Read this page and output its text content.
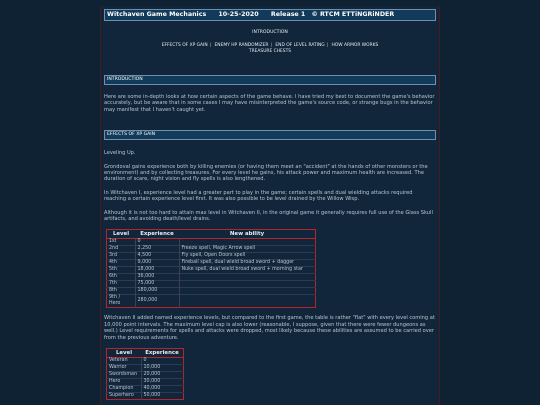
Witchaven Game Mechanics 10-25-2020 Release 1 © RTCM ETTiNGRiNDER
INTRODUCTION
EFFECTS OF XP GAIN | ENEMY HP RANDOMIZER | END OF LEVEL RATING | HOW ARMOR WORKS
TREASURE CHESTS
INTRODUCTION

Here are some in-depth looks at how certain aspects of the game behave. I have tried my best to document the game's behavior accurately, but be aware that in some cases I may have misinterpreted the game's source code, or strange bugs in the behavior may manifest that I haven't caught yet.

EFFECTS OF XP GAIN

Leveling Up.

Grondoval gains experience both by killing enemies (or having them meet an "accident" at the hands of other monsters or the environment) and by collecting treasures. For every level he gains, his attack power and maximum health are increased. The duration of scare, night vision and fly spells is also lengthened.

In Witchaven I, experience level had a greater part to play in the game; certain spells and dual wielding attacks required reaching a certain experience level first. It was also possible to be level drained by the Willow Wisp.

Although it is not too hard to attain max level in Witchaven II, in the original game it generally requires full use of the Glass Skull artifacts, and avoiding death/level drains.

Level	Experience	New ability
1st	0	
2nd	2,250	Freeze spell, Magic Arrow spell
3rd	4,500	Fly spell, Open Doors spell
4th	9,000	Fireball spell, dual wield broad sword + dagger
5th	18,000	Nuke spell, dual wield broad sword + morning star
6th	36,000	
7th	75,000	
8th	180,000	
9th / Hero	280,000	

Witchaven II added named experience levels, but compared to the first game, the table is rather "flat" with every level coming at 10,000 point intervals. The maximum level cap is also lower (reasonable, I suppose, given that there were fewer dungeons as well.) Level requirements for spells and attacks were dropped, most likely because these abilities are assumed to be carried over from the previous adventure.

Level	Experience
Veteran	0
Warrior	10,000
Swordsman	20,000
Hero	30,000
Champion	40,000
Superhero	50,000
